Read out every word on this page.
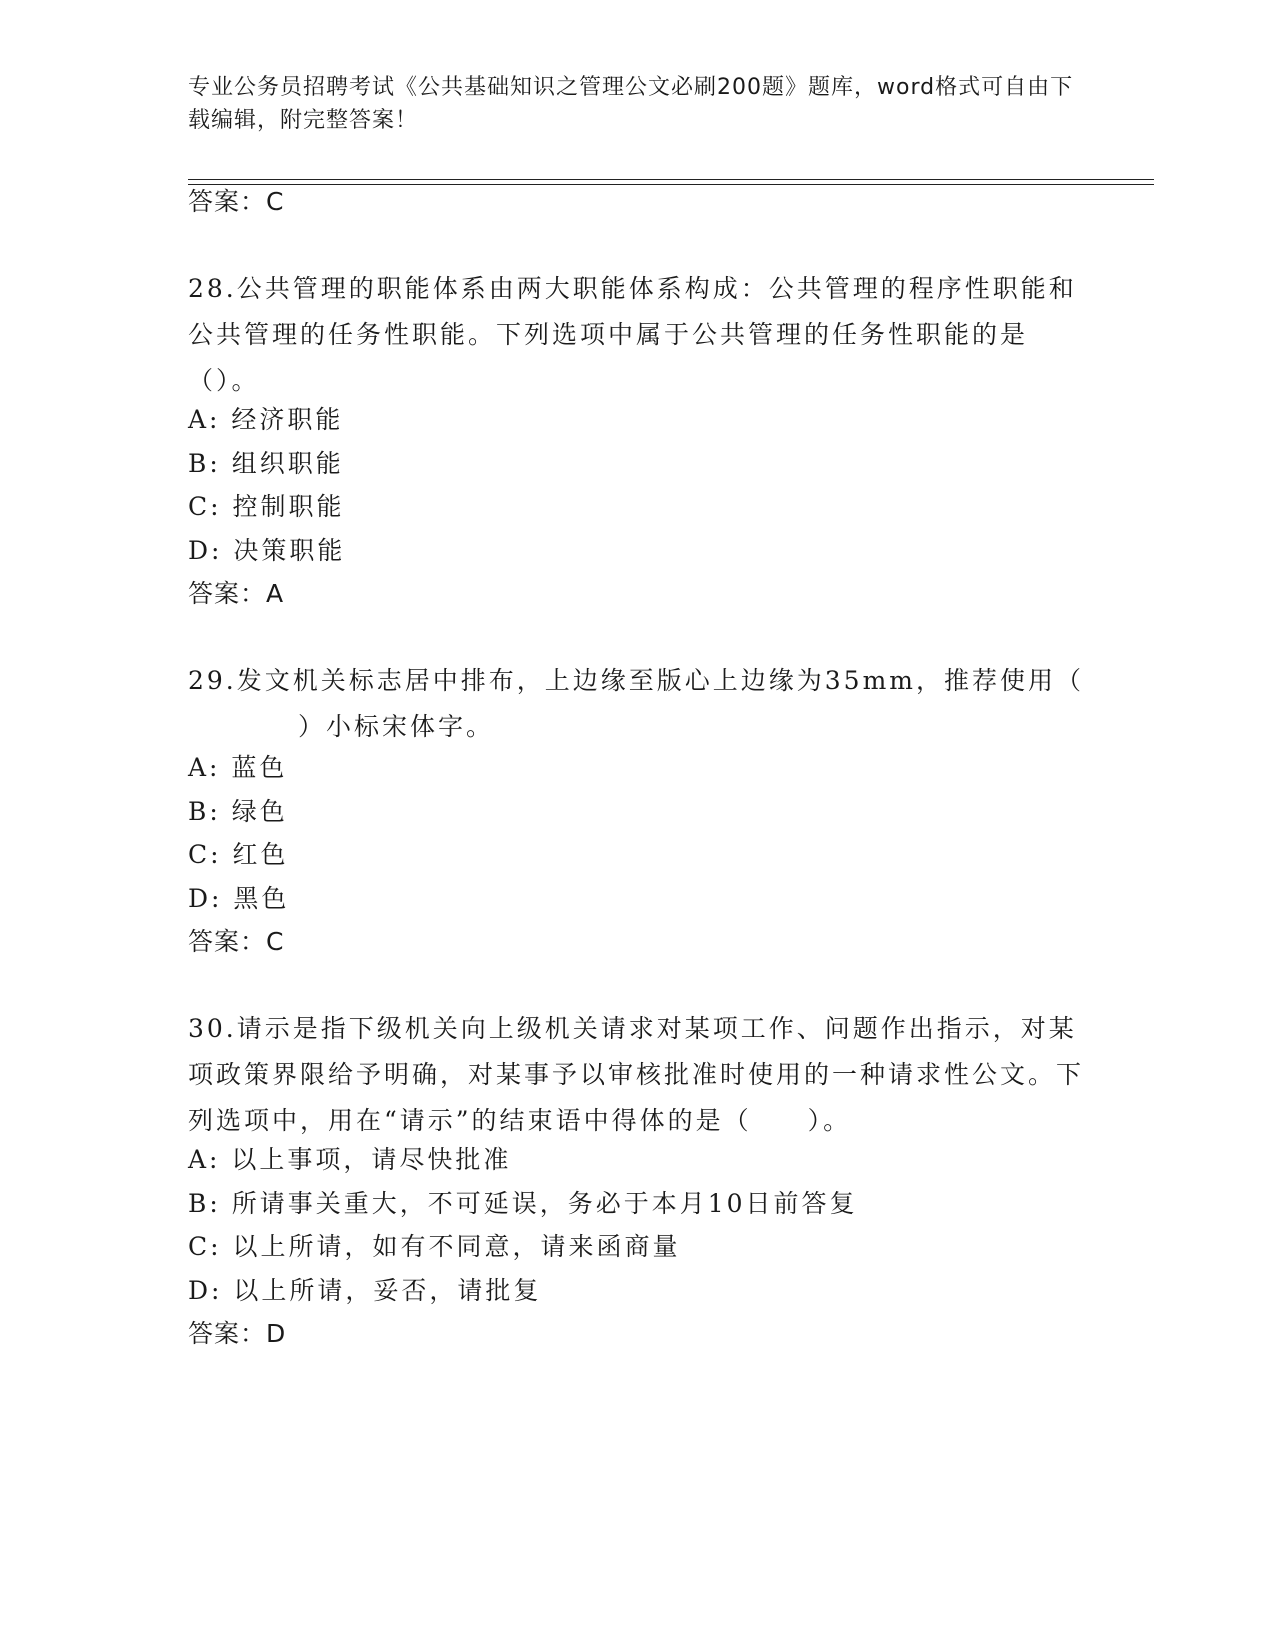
专业公务员招聘考试《公共基础知识之管理公文必刷200题》题库，word格式可自由下载编辑，附完整答案！
答案：C
28.公共管理的职能体系由两大职能体系构成：公共管理的程序性职能和公共管理的任务性职能。下列选项中属于公共管理的任务性职能的是（）。
A: 经济职能
B: 组织职能
C: 控制职能
D: 决策职能
答案：A
29.发文机关标志居中排布，上边缘至版心上边缘为35mm，推荐使用（
）小标宋体字。
A: 蓝色
B: 绿色
C: 红色
D: 黑色
答案：C
30.请示是指下级机关向上级机关请求对某项工作、问题作出指示，对某项政策界限给予明确，对某事予以审核批准时使用的一种请求性公文。下列选项中，用在“请示”的结束语中得体的是（　　）。
A: 以上事项，请尽快批准
B: 所请事关重大，不可延误，务必于本月10日前答复
C: 以上所请，如有不同意，请来函商量
D: 以上所请，妥否，请批复
答案：D
